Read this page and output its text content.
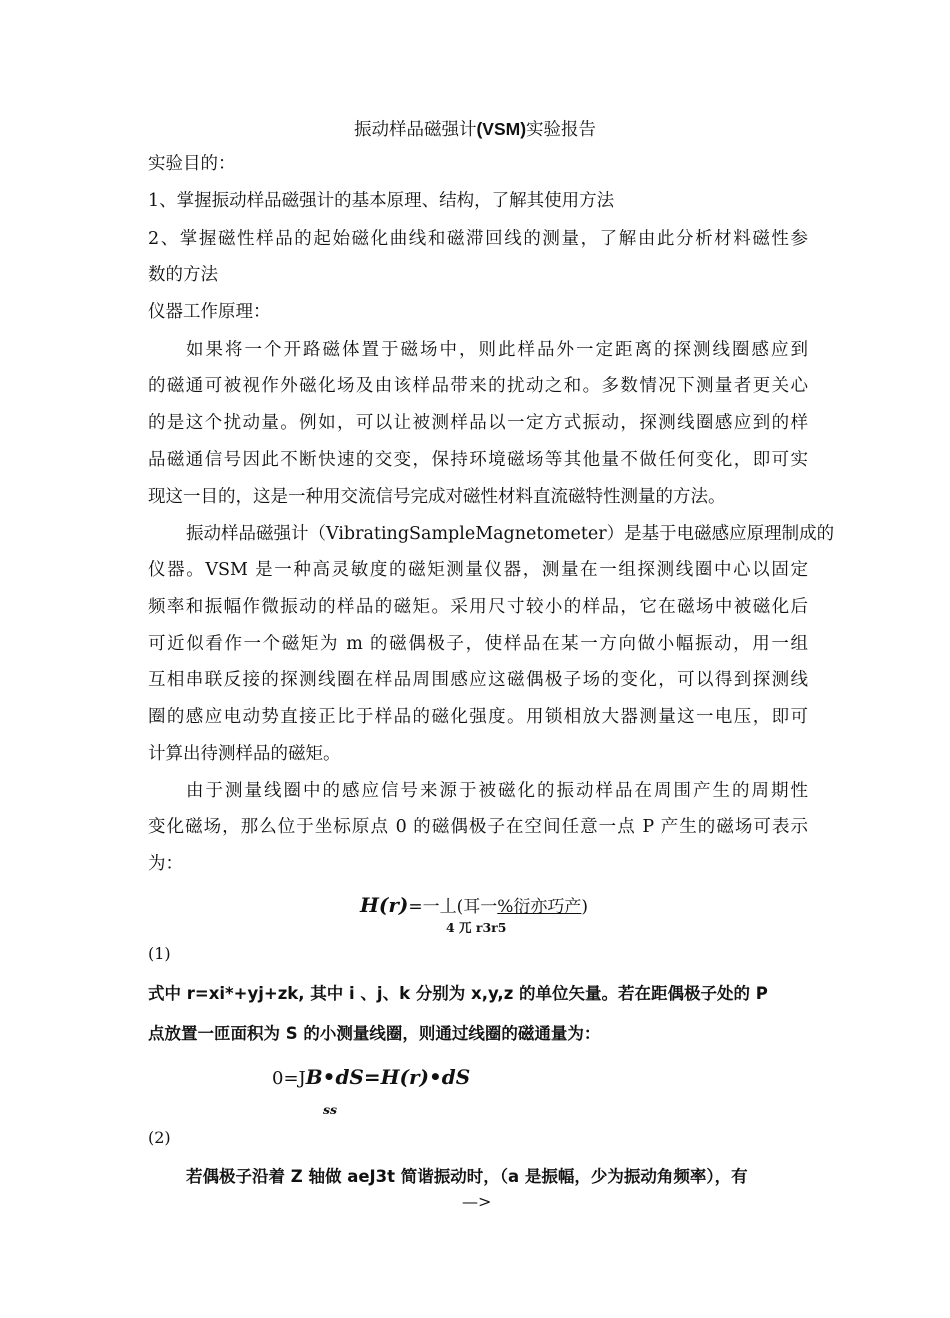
振动样品磁强计(VSM)实验报告
实验目的：
1、掌握振动样品磁强计的基本原理、结构，了解其使用方法
2、掌握磁性样品的起始磁化曲线和磁滞回线的测量，了解由此分析材料磁性参
数的方法
仪器工作原理：
如果将一个开路磁体置于磁场中，则此样品外一定距离的探测线圈感应到
的磁通可被视作外磁化场及由该样品带来的扰动之和。多数情况下测量者更关心
的是这个扰动量。例如，可以让被测样品以一定方式振动，探测线圈感应到的样
品磁通信号因此不断快速的交变，保持环境磁场等其他量不做任何变化，即可实
现这一目的，这是一种用交流信号完成对磁性材料直流磁特性测量的方法。
振动样品磁强计（VibratingSampleMagnetometer）是基于电磁感应原理制成的
仪器。VSM 是一种高灵敏度的磁矩测量仪器，测量在一组探测线圈中心以固定
频率和振幅作微振动的样品的磁矩。采用尺寸较小的样品，它在磁场中被磁化后
可近似看作一个磁矩为 m 的磁偶极子，使样品在某一方向做小幅振动，用一组
互相串联反接的探测线圈在样品周围感应这磁偶极子场的变化，可以得到探测线
圈的感应电动势直接正比于样品的磁化强度。用锁相放大器测量这一电压，即可
计算出待测样品的磁矩。
由于测量线圈中的感应信号来源于被磁化的振动样品在周围产生的周期性
变化磁场，那么位于坐标原点 0 的磁偶极子在空间任意一点 P 产生的磁场可表示
为：
H(r)=一丄(耳一%衍亦巧产)
4 兀 r3r5
(1)
式中 r=xi*+yj+zk, 其中 i 、j、k 分别为 x,y,z 的单位矢量。若在距偶极子处的 P
点放置一匝面积为 S 的小测量线圈，则通过线圈的磁通量为：
0=JB•dS=H(r)•dS
ss
(2)
若偶极子沿着 Z 轴做 aeJ3t 简谐振动时，（a 是振幅，少为振动角频率），有
—>
